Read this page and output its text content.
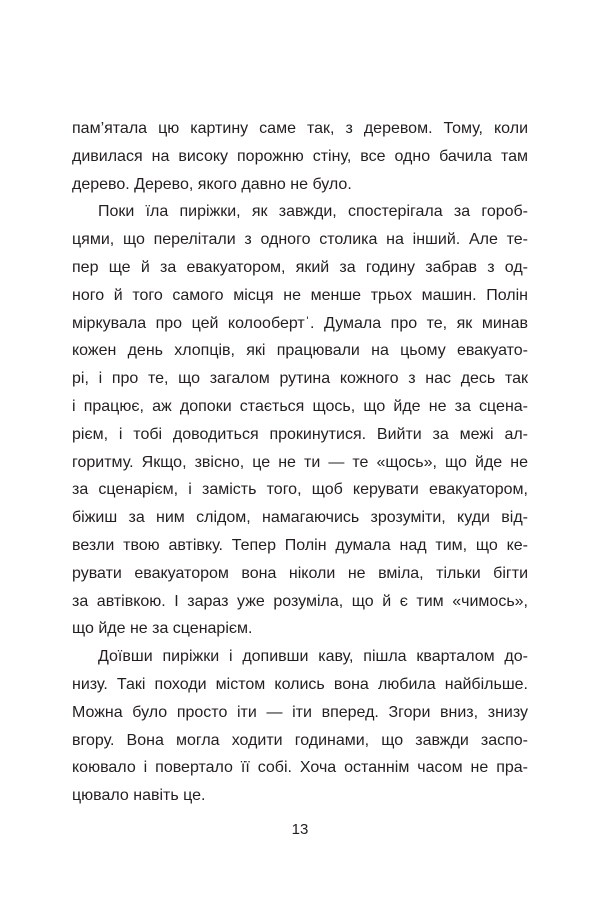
пам’ятала цю картину саме так, з деревом. Тому, коли
дивилася на високу порожню стіну, все одно бачила там
дерево. Дерево, якого давно не було.
Поки їла пиріжки, як завжди, спостерігала за гороб-
цями, що перелітали з одного столика на інший. Але те-
пер ще й за евакуатором, який за годину забрав з од-
ного й того самого місця не менше трьох машин. Полін
міркувала про цей колообертˈ. Думала про те, як минав
кожен день хлопців, які працювали на цьому евакуато-
рі, і про те, що загалом рутина кожного з нас десь так
і працює, аж допоки стається щось, що йде не за сцена-
рієм, і тобі доводиться прокинутися. Вийти за межі ал-
горитму. Якщо, звісно, це не ти — те «щось», що йде не
за сценарієм, і замість того, щоб керувати евакуатором,
біжиш за ним слідом, намагаючись зрозуміти, куди від-
везли твою автівку. Тепер Полін думала над тим, що ке-
рувати евакуатором вона ніколи не вміла, тільки бігти
за автівкою. І зараз уже розуміла, що й є тим «чимось»,
що йде не за сценарієм.
Доївши пиріжки і допивши каву, пішла кварталом до-
низу. Такі походи містом колись вона любила найбільше.
Можна було просто іти — іти вперед. Згори вниз, знизу
вгору. Вона могла ходити годинами, що завжди заспо-
коювало і повертало її собі. Хоча останнім часом не пра-
цювало навіть це.
13
